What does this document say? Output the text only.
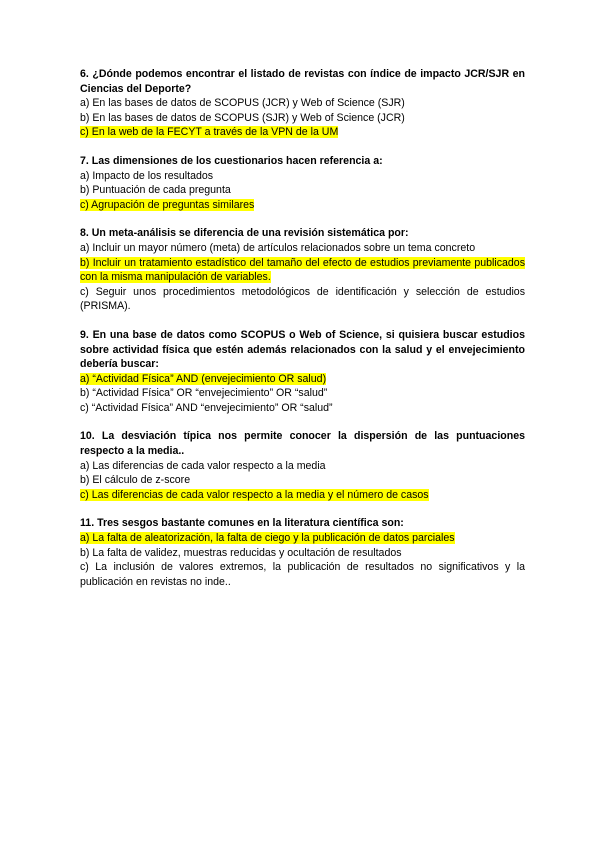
6. ¿Dónde podemos encontrar el listado de revistas con índice de impacto JCR/SJR en Ciencias del Deporte?
a) En las bases de datos de SCOPUS (JCR) y Web of Science (SJR)
b) En las bases de datos de SCOPUS (SJR) y Web of Science (JCR)
c) En la web de la FECYT a través de la VPN de la UM
7. Las dimensiones de los cuestionarios hacen referencia a:
a) Impacto de los resultados
b) Puntuación de cada pregunta
c) Agrupación de preguntas similares
8. Un meta-análisis se diferencia de una revisión sistemática por:
a) Incluir un mayor número (meta) de artículos relacionados sobre un tema concreto
b) Incluir un tratamiento estadístico del tamaño del efecto de estudios previamente publicados con la misma manipulación de variables.
c) Seguir unos procedimientos metodológicos de identificación y selección de estudios (PRISMA).
9. En una base de datos como SCOPUS o Web of Science, si quisiera buscar estudios sobre actividad física que estén además relacionados con la salud y el envejecimiento debería buscar:
a) “Actividad Física” AND (envejecimiento OR salud)
b) “Actividad Física” OR “envejecimiento” OR “salud”
c) “Actividad Física” AND “envejecimiento” OR “salud”
10. La desviación típica nos permite conocer la dispersión de las puntuaciones respecto a la media..
a) Las diferencias de cada valor respecto a la media
b) El cálculo de z-score
c) Las diferencias de cada valor respecto a la media y el número de casos
11. Tres sesgos bastante comunes en la literatura científica son:
a) La falta de aleatorización, la falta de ciego y la publicación de datos parciales
b) La falta de validez, muestras reducidas y ocultación de resultados
c) La inclusión de valores extremos, la publicación de resultados no significativos y la publicación en revistas no inde..
